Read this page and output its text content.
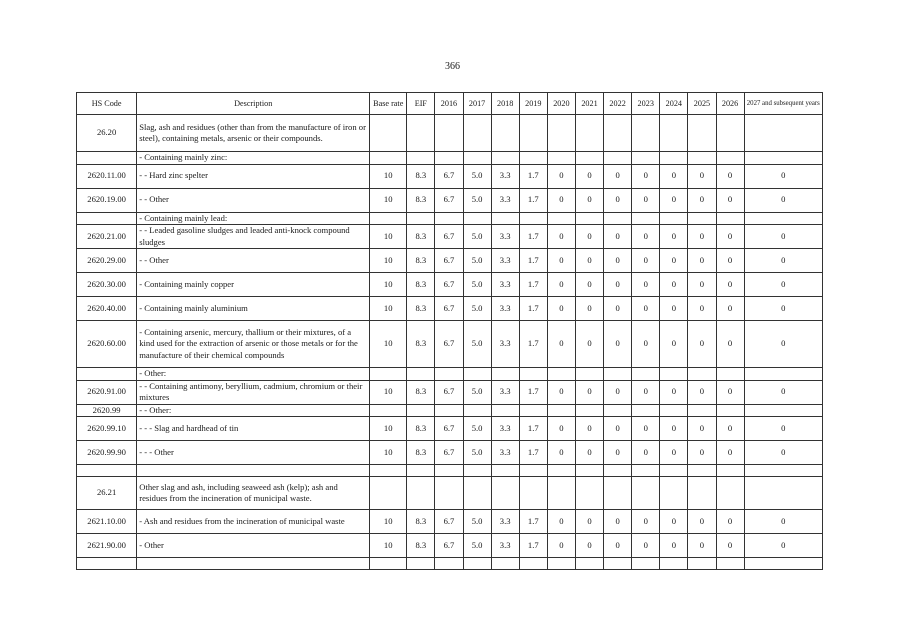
366
HS Code	Description	Base rate	EIF	2016	2017	2018	2019	2020	2021	2022	2023	2024	2025	2026	2027 and subsequent years
26.20	Slag, ash and residues (other than from the manufacture of iron or steel), containing metals, arsenic or their compounds.														
	- Containing mainly zinc:														
2620.11.00	- - Hard zinc spelter	10	8.3	6.7	5.0	3.3	1.7	0	0	0	0	0	0	0	0
2620.19.00	- - Other	10	8.3	6.7	5.0	3.3	1.7	0	0	0	0	0	0	0	0
	- Containing mainly lead:														
2620.21.00	- - Leaded gasoline sludges and leaded anti-knock compound sludges	10	8.3	6.7	5.0	3.3	1.7	0	0	0	0	0	0	0	0
2620.29.00	- - Other	10	8.3	6.7	5.0	3.3	1.7	0	0	0	0	0	0	0	0
2620.30.00	- Containing mainly copper	10	8.3	6.7	5.0	3.3	1.7	0	0	0	0	0	0	0	0
2620.40.00	- Containing mainly aluminium	10	8.3	6.7	5.0	3.3	1.7	0	0	0	0	0	0	0	0
2620.60.00	- Containing arsenic, mercury, thallium or their mixtures, of a kind used for the extraction of arsenic or those metals or for the manufacture of their chemical compounds	10	8.3	6.7	5.0	3.3	1.7	0	0	0	0	0	0	0	0
	- Other:														
2620.91.00	- - Containing antimony, beryllium, cadmium, chromium or their mixtures	10	8.3	6.7	5.0	3.3	1.7	0	0	0	0	0	0	0	0
2620.99	- - Other:														
2620.99.10	- - - Slag and hardhead of tin	10	8.3	6.7	5.0	3.3	1.7	0	0	0	0	0	0	0	0
2620.99.90	- - - Other	10	8.3	6.7	5.0	3.3	1.7	0	0	0	0	0	0	0	0

26.21	Other slag and ash, including seaweed ash (kelp); ash and residues from the incineration of municipal waste.														
2621.10.00	- Ash and residues from the incineration of municipal waste	10	8.3	6.7	5.0	3.3	1.7	0	0	0	0	0	0	0	0
2621.90.00	- Other	10	8.3	6.7	5.0	3.3	1.7	0	0	0	0	0	0	0	0
